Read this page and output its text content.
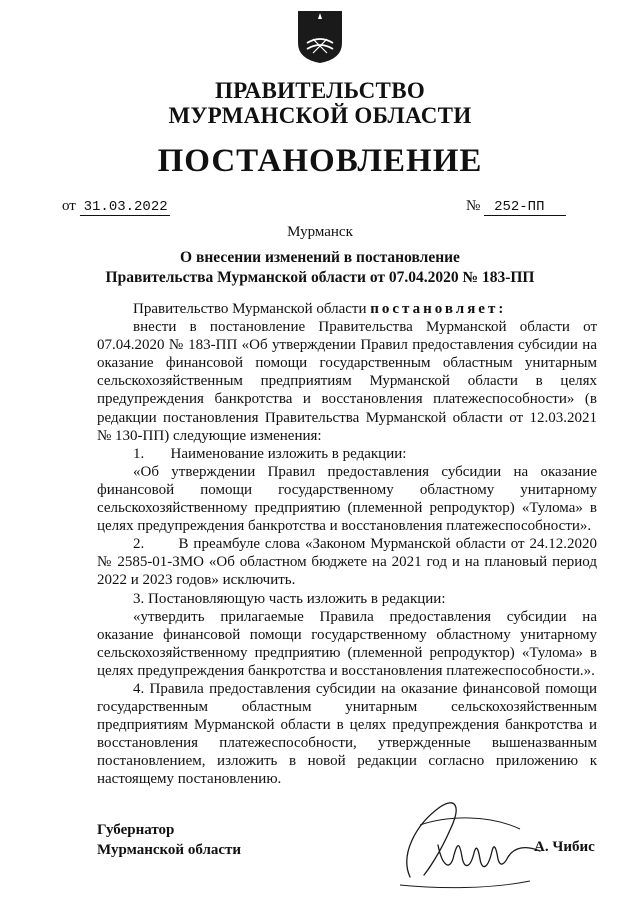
ПРАВИТЕЛЬСТВО
МУРМАНСКОЙ ОБЛАСТИ
ПОСТАНОВЛЕНИЕ
от 31.03.2022	№ 252-ПП
Мурманск
О внесении изменений в постановление
Правительства Мурманской области от 07.04.2020 № 183-ПП

Правительство Мурманской области постановляет:

внести в постановление Правительства Мурманской области от 07.04.2020 № 183-ПП «Об утверждении Правил предоставления субсидии на оказание финансовой помощи государственным областным унитарным сельскохозяйственным предприятиям Мурманской области в целях предупреждения банкротства и восстановления платежеспособности» (в редакции постановления Правительства Мурманской области от 12.03.2021 № 130-ПП) следующие изменения:

1.       Наименование изложить в редакции:

«Об утверждении Правил предоставления субсидии на оказание финансовой помощи государственному областному унитарному сельскохозяйственному предприятию (племенной репродуктор) «Тулома» в целях предупреждения банкротства и восстановления платежеспособности».

2.       В преамбуле слова «Законом Мурманской области от 24.12.2020 № 2585-01-ЗМО «Об областном бюджете на 2021 год и на плановый период 2022 и 2023 годов» исключить.

3. Постановляющую часть изложить в редакции:

«утвердить прилагаемые Правила предоставления субсидии на оказание финансовой помощи государственному областному унитарному сельскохозяйственному предприятию (племенной репродуктор) «Тулома» в целях предупреждения банкротства и восстановления платежеспособности.».

4. Правила предоставления субсидии на оказание финансовой помощи государственным областным унитарным сельскохозяйственным предприятиям Мурманской области в целях предупреждения банкротства и восстановления платежеспособности, утвержденные вышеназванным постановлением, изложить в новой редакции согласно приложению к настоящему постановлению.

Губернатор
Мурманской области	А. Чибис
